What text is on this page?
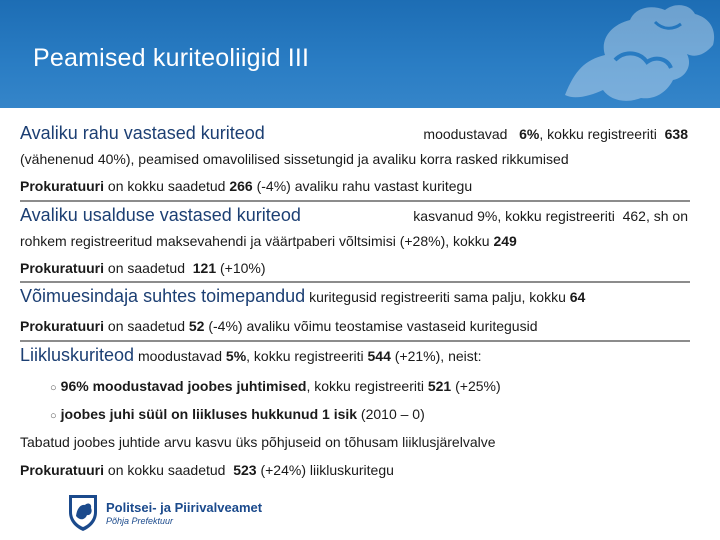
Peamised kuriteoliigid III
Avaliku rahu vastased kuriteod	moodustavad 6%, kokku registreeriti 638
(vähenenud 40%), peamised omavolilised sissetungid ja avaliku korra rasked rikkumised
Prokuratuuri on kokku saadetud 266 (-4%) avaliku rahu vastast kuritegu
Avaliku usalduse vastased kuriteod	kasvanud 9%, kokku registreeriti  462, sh on
rohkem registreeritud maksevahendi ja väärtpaberi võltsimisi (+28%), kokku 249
Prokuratuuri on saadetud  121 (+10%)
Võimuesindaja suhtes toimepandud kuritegusid registreeriti sama palju, kokku 64
Prokuratuuri on saadetud 52 (-4%) avaliku võimu teostamise vastaseid kuritegusid
Liikluskuriteod moodustavad 5%, kokku registreeriti 544 (+21%), neist:
○ 96% moodustavad joobes juhtimised, kokku registreeriti 521 (+25%)
○ joobes juhi süül on liikluses hukkunud 1 isik (2010 – 0)
Tabatud joobes juhtide arvu kasvu üks põhjuseid on tõhusam liiklusjärelvalve
Prokuratuuri on kokku saadetud  523 (+24%) liikluskuritegu
Politsei- ja Piirivalveamet
Põhja Prefektuur
